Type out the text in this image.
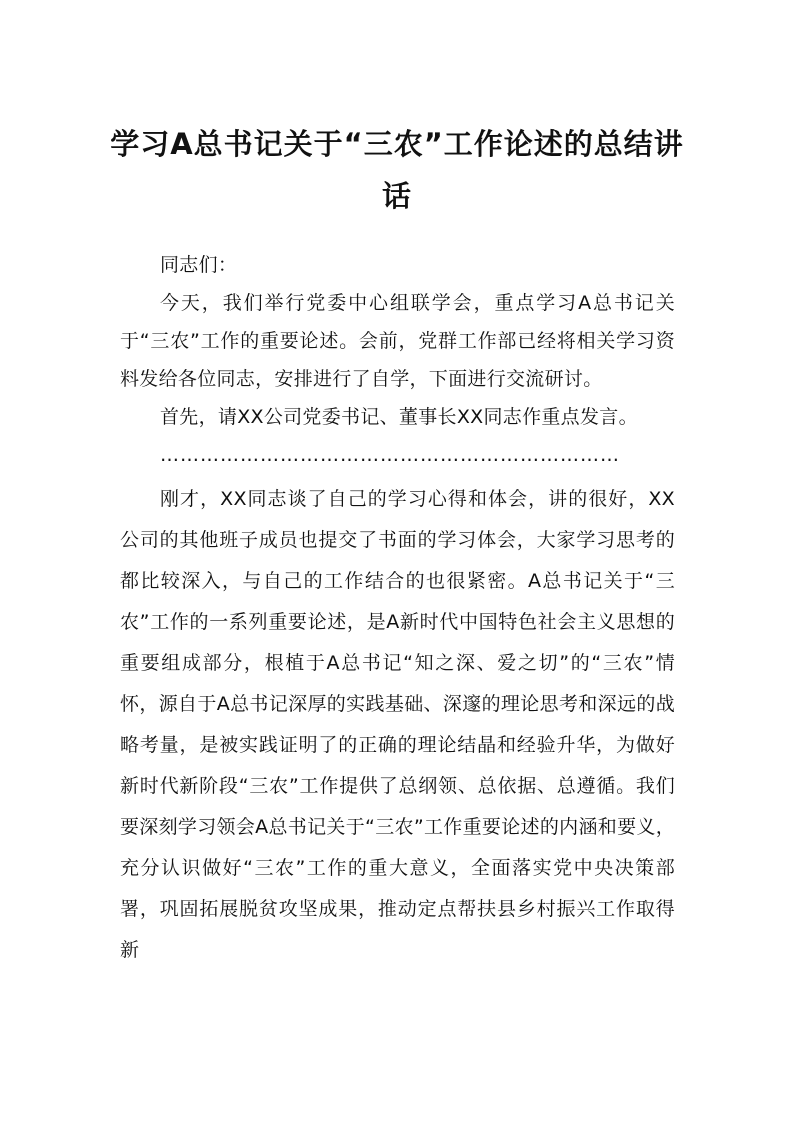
学习A总书记关于“三农”工作论述的总结讲话

同志们：

今天，我们举行党委中心组联学会，重点学习A总书记关于“三农”工作的重要论述。会前，党群工作部已经将相关学习资料发给各位同志，安排进行了自学，下面进行交流研讨。

首先，请XX公司党委书记、董事长XX同志作重点发言。

……………………………………………………………

刚才，XX同志谈了自己的学习心得和体会，讲的很好，XX公司的其他班子成员也提交了书面的学习体会，大家学习思考的都比较深入，与自己的工作结合的也很紧密。A总书记关于“三农”工作的一系列重要论述，是A新时代中国特色社会主义思想的重要组成部分，根植于A总书记“知之深、爱之切”的“三农”情怀，源自于A总书记深厚的实践基础、深邃的理论思考和深远的战略考量，是被实践证明了的正确的理论结晶和经验升华，为做好新时代新阶段“三农”工作提供了总纲领、总依据、总遵循。我们要深刻学习领会A总书记关于“三农”工作重要论述的内涵和要义，充分认识做好“三农”工作的重大意义，全面落实党中央决策部署，巩固拓展脱贫攻坚成果，推动定点帮扶县乡村振兴工作取得新
